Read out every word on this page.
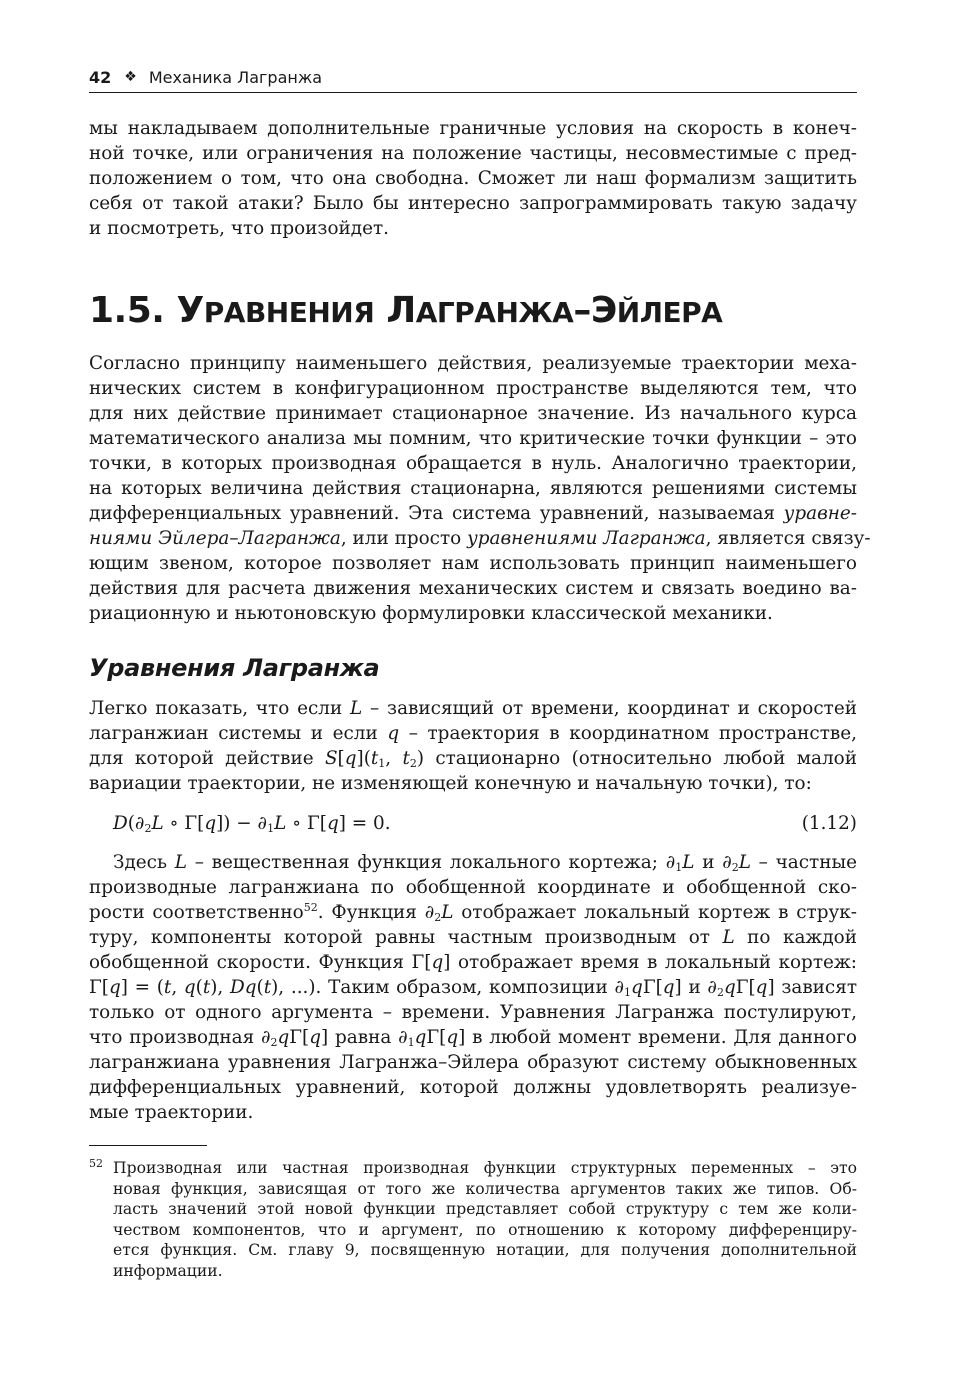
42 ❖ Механика Лагранжа

мы накладываем дополнительные граничные условия на скорость в конеч-
ной точке, или ограничения на положение частицы, несовместимые с пред-
положением о том, что она свободна. Сможет ли наш формализм защитить
себя от такой атаки? Было бы интересно запрограммировать такую задачу
и посмотреть, что произойдет.

1.5. УРАВНЕНИЯ ЛАГРАНЖА–ЭЙЛЕРА

Согласно принципу наименьшего действия, реализуемые траектории меха-
нических систем в конфигурационном пространстве выделяются тем, что
для них действие принимает стационарное значение. Из начального курса
математического анализа мы помним, что критические точки функции – это
точки, в которых производная обращается в нуль. Аналогично траектории,
на которых величина действия стационарна, являются решениями системы
дифференциальных уравнений. Эта система уравнений, называемая уравне-
ниями Эйлера–Лагранжа, или просто уравнениями Лагранжа, является связу-
ющим звеном, которое позволяет нам использовать принцип наименьшего
действия для расчета движения механических систем и связать воедино ва-
риационную и ньютоновскую формулировки классической механики.

Уравнения Лагранжа

Легко показать, что если L – зависящий от времени, координат и скоростей
лагранжиан системы и если q – траектория в координатном пространстве,
для которой действие $S[q](t_1$, $t_2$) стационарно (относительно любой малой
вариации траектории, не изменяющей конечную и начальную точки), то:

$D(\partial_2L$ ∘ $\Gamma[q]) - \partial_1L$ ∘ Γ[q] = 0.	(1.12)

Здесь L – вещественная функция локального кортежа; $\partial_1L$ и $\partial_2L$ – частные
производные лагранжиана по обобщенной координате и обобщенной ско-
рости соответственно$^{52}$. Функция $\partial_2L$ отображает локальный кортеж в струк-
туру, компоненты которой равны частным производным от L по каждой
обобщенной скорости. Функция Γ[q] отображает время в локальный кортеж:
Γ[q] = (t, q(t), Dq(t), ...). Таким образом, композиции $\partial_1q\Gamma[q]$ и $\partial_2q\Gamma[q]$ зависят
только от одного аргумента – времени. Уравнения Лагранжа постулируют,
что производная $\partial_2q\Gamma[q]$ равна $\partial_1q\Gamma[q]$ в любой момент времени. Для данного
лагранжиана уравнения Лагранжа–Эйлера образуют систему обыкновенных
дифференциальных уравнений, которой должны удовлетворять реализуе-
мые траектории.

52 Производная или частная производная функции структурных переменных – это
новая функция, зависящая от того же количества аргументов таких же типов. Об-
ласть значений этой новой функции представляет собой структуру с тем же коли-
чеством компонентов, что и аргумент, по отношению к которому дифференциру-
ется функция. См. главу 9, посвященную нотации, для получения дополнительной
информации.
